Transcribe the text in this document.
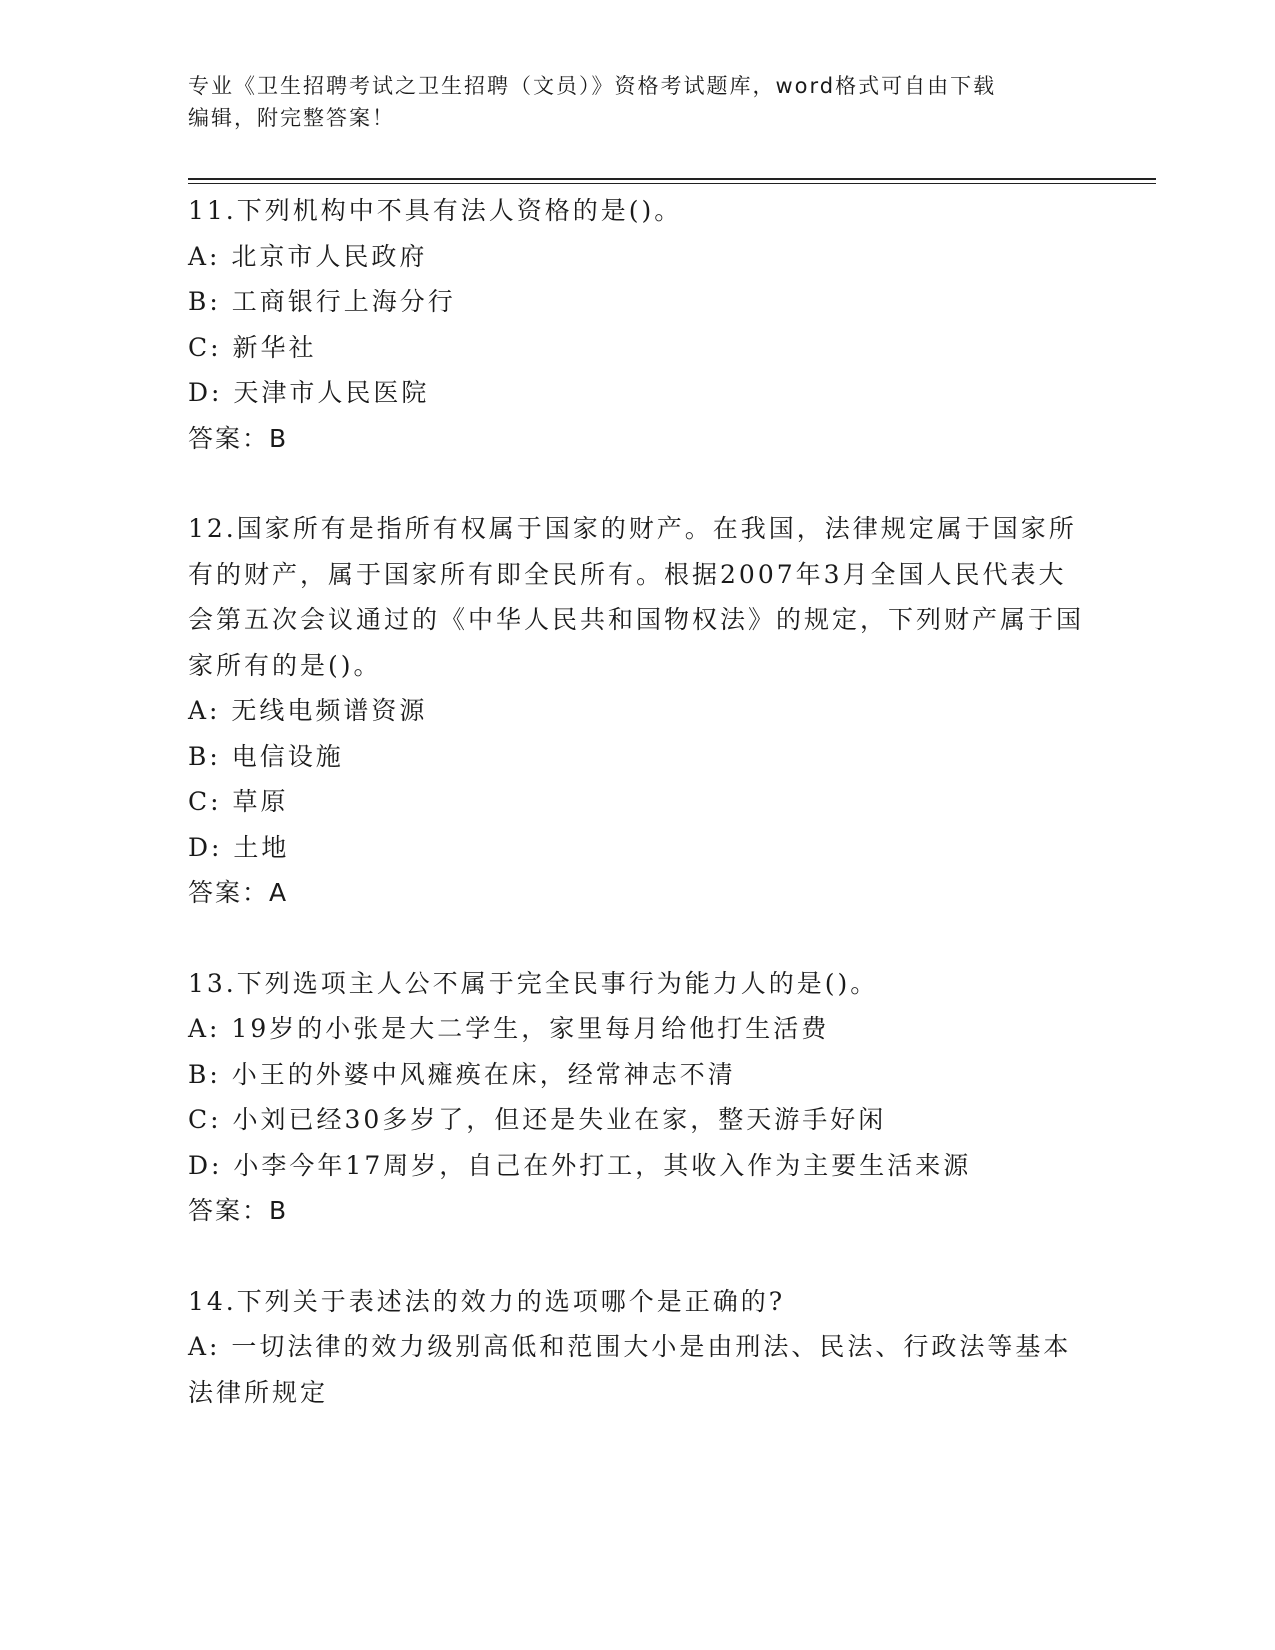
专业《卫生招聘考试之卫生招聘（文员）》资格考试题库，word格式可自由下载
编辑，附完整答案！

11.下列机构中不具有法人资格的是()。

A: 北京市人民政府

B: 工商银行上海分行

C: 新华社

D: 天津市人民医院

答案：B

12.国家所有是指所有权属于国家的财产。在我国，法律规定属于国家所有的财产，属于国家所有即全民所有。根据2007年3月全国人民代表大会第五次会议通过的《中华人民共和国物权法》的规定，下列财产属于国家所有的是()。

A: 无线电频谱资源

B: 电信设施

C: 草原

D: 土地

答案：A

13.下列选项主人公不属于完全民事行为能力人的是()。

A: 19岁的小张是大二学生，家里每月给他打生活费

B: 小王的外婆中风瘫痪在床，经常神志不清

C: 小刘已经30多岁了，但还是失业在家，整天游手好闲

D: 小李今年17周岁，自己在外打工，其收入作为主要生活来源

答案：B

14.下列关于表述法的效力的选项哪个是正确的?

A: 一切法律的效力级别高低和范围大小是由刑法、民法、行政法等基本法律所规定
